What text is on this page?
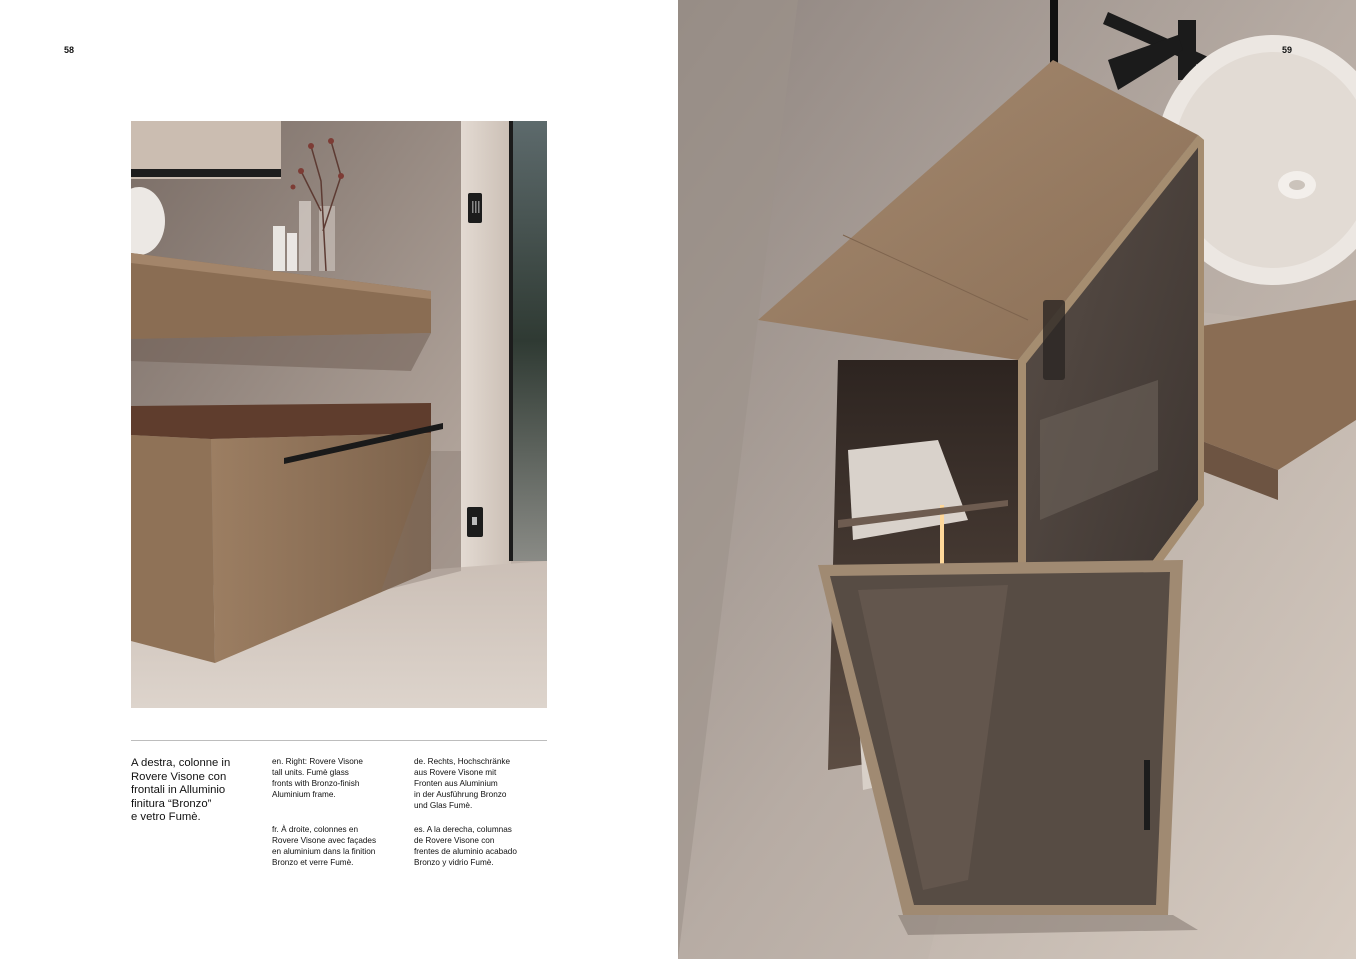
58
A destra, colonne in
Rovere Visone con
frontali in Alluminio
finitura “Bronzo”
e vetro Fumè.
en. Right: Rovere Visone
tall units. Fumè glass
fronts with Bronzo-finish
Aluminium frame.
fr. À droite, colonnes en
Rovere Visone avec façades
en aluminium dans la finition
Bronzo et verre Fumè.
de. Rechts, Hochschränke
aus Rovere Visone mit
Fronten aus Aluminium
in der Ausführung Bronzo
und Glas Fumè.
es. A la derecha, columnas
de Rovere Visone con
frentes de aluminio acabado
Bronzo y vidrio Fumè.
59
